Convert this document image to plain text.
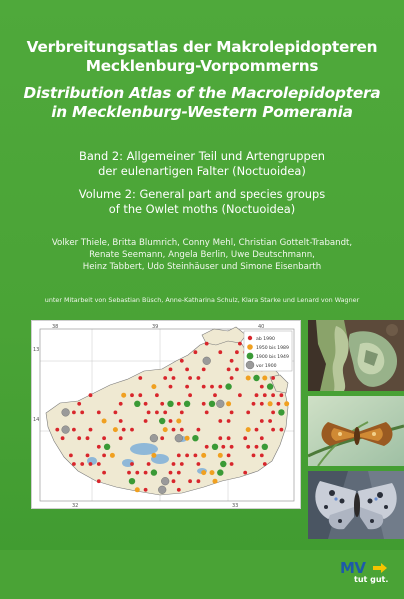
Verbreitungsatlas der Makrolepidopteren
Mecklenburg-Vorpommerns
Distribution Atlas of the Macrolepidoptera
in Mecklenburg-Western Pomerania
Band 2: Allgemeiner Teil und Artengruppen
der eulenartigen Falter (Noctuoidea)
Volume 2: General part and species groups
of the Owlet moths (Noctuoidea)
Volker Thiele, Britta Blumrich, Conny Mehl, Christian Gottelt-Trabandt,
Renate Seemann, Angela Berlin, Uwe Deutschmann,
Heinz Tabbert, Udo Steinhäuser und Simone Eisenbarth
unter Mitarbeit von Sebastian Büsch, Anne-Katharina Schulz, Klara Starke und Lenard von Wagner
38	39	40
13
14
32	33
ab 1990
1950 bis 1989
1900 bis 1949
vor 1900
MV
tut gut.
